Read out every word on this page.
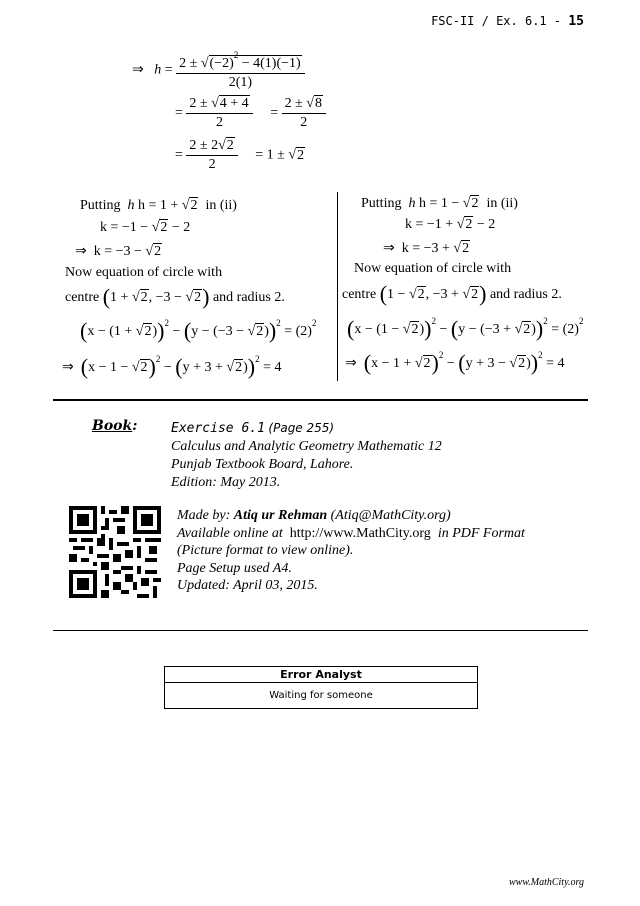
FSC-II / Ex. 6.1 - 15
⇒ $h = \frac{2 \pm √(-2)^2 - 4(1)(-1)}{2(1)}$
= $\frac{2 \pm √4 + 4}{2} = \frac{2 \pm √8}{2}$
= $\frac{2 \pm 2√2}{2} = 1 \pm √2$
Putting h h = 1 + √2 in (ii)
k = −1 − √2 − 2
⇒  k = −3 − √2
Now equation of circle with
centre (1 + √2, −3 − √2) and radius 2.
$(x - (1 + √2))^2 - (y - (-3 - √2))^2 = (2)^2$
⇒  $(x - 1 - √2)^2 - (y + 3 + √2))^2 = 4$
Putting h h = 1 − √2 in (ii)
k = −1 + √2 − 2
⇒  k = −3 + √2
Now equation of circle with
centre (1 − √2, −3 + √2) and radius 2.
$(x - (1 - √2))^2 - (y - (-3 + √2))^2 = (2)^2$
⇒  $(x - 1 + √2)^2 - (y + 3 - √2))^2 = 4$
Book:	Exercise 6.1 (Page 255)
Calculus and Analytic Geometry Mathematic 12
Punjab Textbook Board, Lahore.
Edition: May 2013.
Made by: Atiq ur Rehman (Atiq@MathCity.org)
Available online at http://www.MathCity.org in PDF Format
(Picture format to view online).
Page Setup used A4.
Updated: April 03, 2015.
Error Analyst
Waiting for someone
www.MathCity.org
